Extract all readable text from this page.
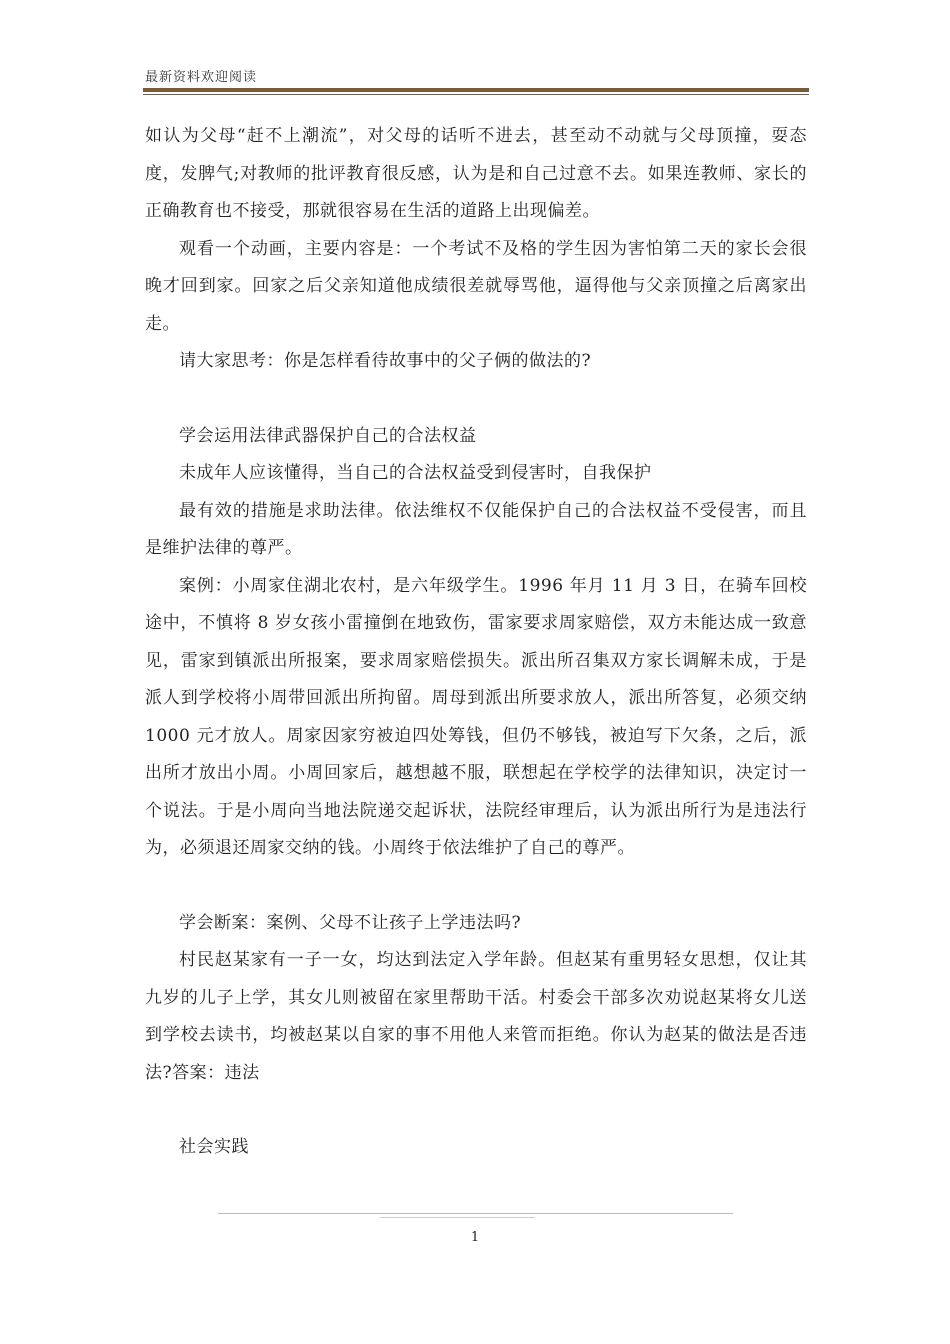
最新资料欢迎阅读

如认为父母“赶不上潮流”，对父母的话听不进去，甚至动不动就与父母顶撞，耍态度，发脾气;对教师的批评教育很反感，认为是和自己过意不去。如果连教师、家长的正确教育也不接受，那就很容易在生活的道路上出现偏差。

观看一个动画，主要内容是：一个考试不及格的学生因为害怕第二天的家长会很晚才回到家。回家之后父亲知道他成绩很差就辱骂他，逼得他与父亲顶撞之后离家出走。

请大家思考：你是怎样看待故事中的父子俩的做法的?

学会运用法律武器保护自己的合法权益

未成年人应该懂得，当自己的合法权益受到侵害时，自我保护

最有效的措施是求助法律。依法维权不仅能保护自己的合法权益不受侵害，而且是维护法律的尊严。

案例：小周家住湖北农村，是六年级学生。1996 年月 11 月 3 日，在骑车回校途中，不慎将 8 岁女孩小雷撞倒在地致伤，雷家要求周家赔偿，双方未能达成一致意见，雷家到镇派出所报案，要求周家赔偿损失。派出所召集双方家长调解未成，于是派人到学校将小周带回派出所拘留。周母到派出所要求放人，派出所答复，必须交纳 1000 元才放人。周家因家穷被迫四处筹钱，但仍不够钱，被迫写下欠条，之后，派出所才放出小周。小周回家后，越想越不服，联想起在学校学的法律知识，决定讨一个说法。于是小周向当地法院递交起诉状，法院经审理后，认为派出所行为是违法行为，必须退还周家交纳的钱。小周终于依法维护了自己的尊严。

学会断案：案例、父母不让孩子上学违法吗?

村民赵某家有一子一女，均达到法定入学年龄。但赵某有重男轻女思想，仅让其九岁的儿子上学，其女儿则被留在家里帮助干活。村委会干部多次劝说赵某将女儿送到学校去读书，均被赵某以自家的事不用他人来管而拒绝。你认为赵某的做法是否违法?答案：违法

社会实践

1
